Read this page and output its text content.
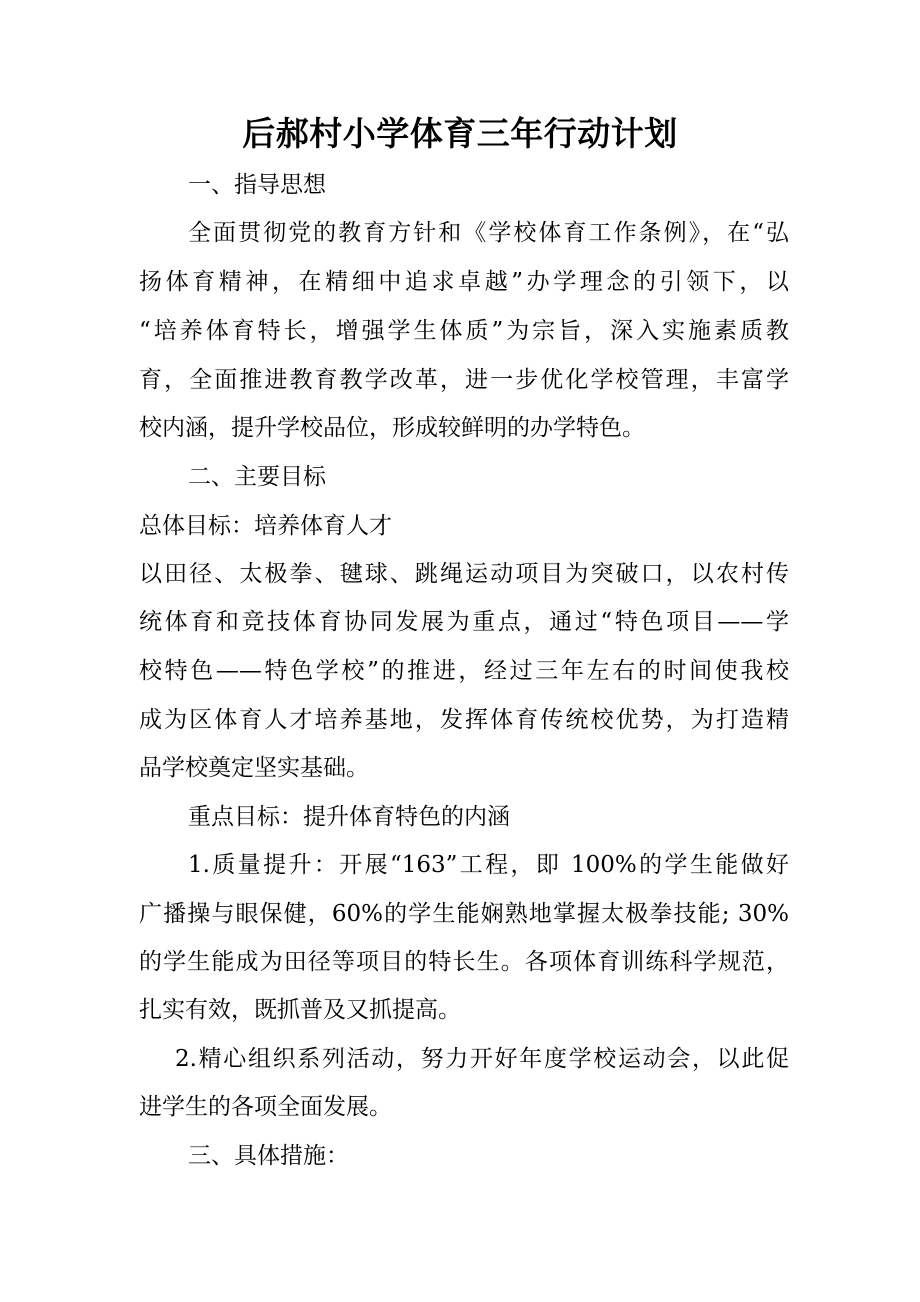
后郝村小学体育三年行动计划
一、指导思想
全面贯彻党的教育方针和《学校体育工作条例》，在“弘
扬体育精神，在精细中追求卓越”办学理念的引领下，以
“培养体育特长，增强学生体质”为宗旨，深入实施素质教
育，全面推进教育教学改革，进一步优化学校管理，丰富学
校内涵，提升学校品位，形成较鲜明的办学特色。
二、主要目标
总体目标：培养体育人才
以田径、太极拳、毽球、跳绳运动项目为突破口，以农村传
统体育和竞技体育协同发展为重点，通过“特色项目——学
校特色——特色学校”的推进，经过三年左右的时间使我校
成为区体育人才培养基地，发挥体育传统校优势，为打造精
品学校奠定坚实基础。
重点目标：提升体育特色的内涵
1.质量提升：开展“163”工程，即 100%的学生能做好
广播操与眼保健，60%的学生能娴熟地掌握太极拳技能; 30%
的学生能成为田径等项目的特长生。各项体育训练科学规范，
扎实有效，既抓普及又抓提高。
2.精心组织系列活动，努力开好年度学校运动会，以此促
进学生的各项全面发展。
三、具体措施：
